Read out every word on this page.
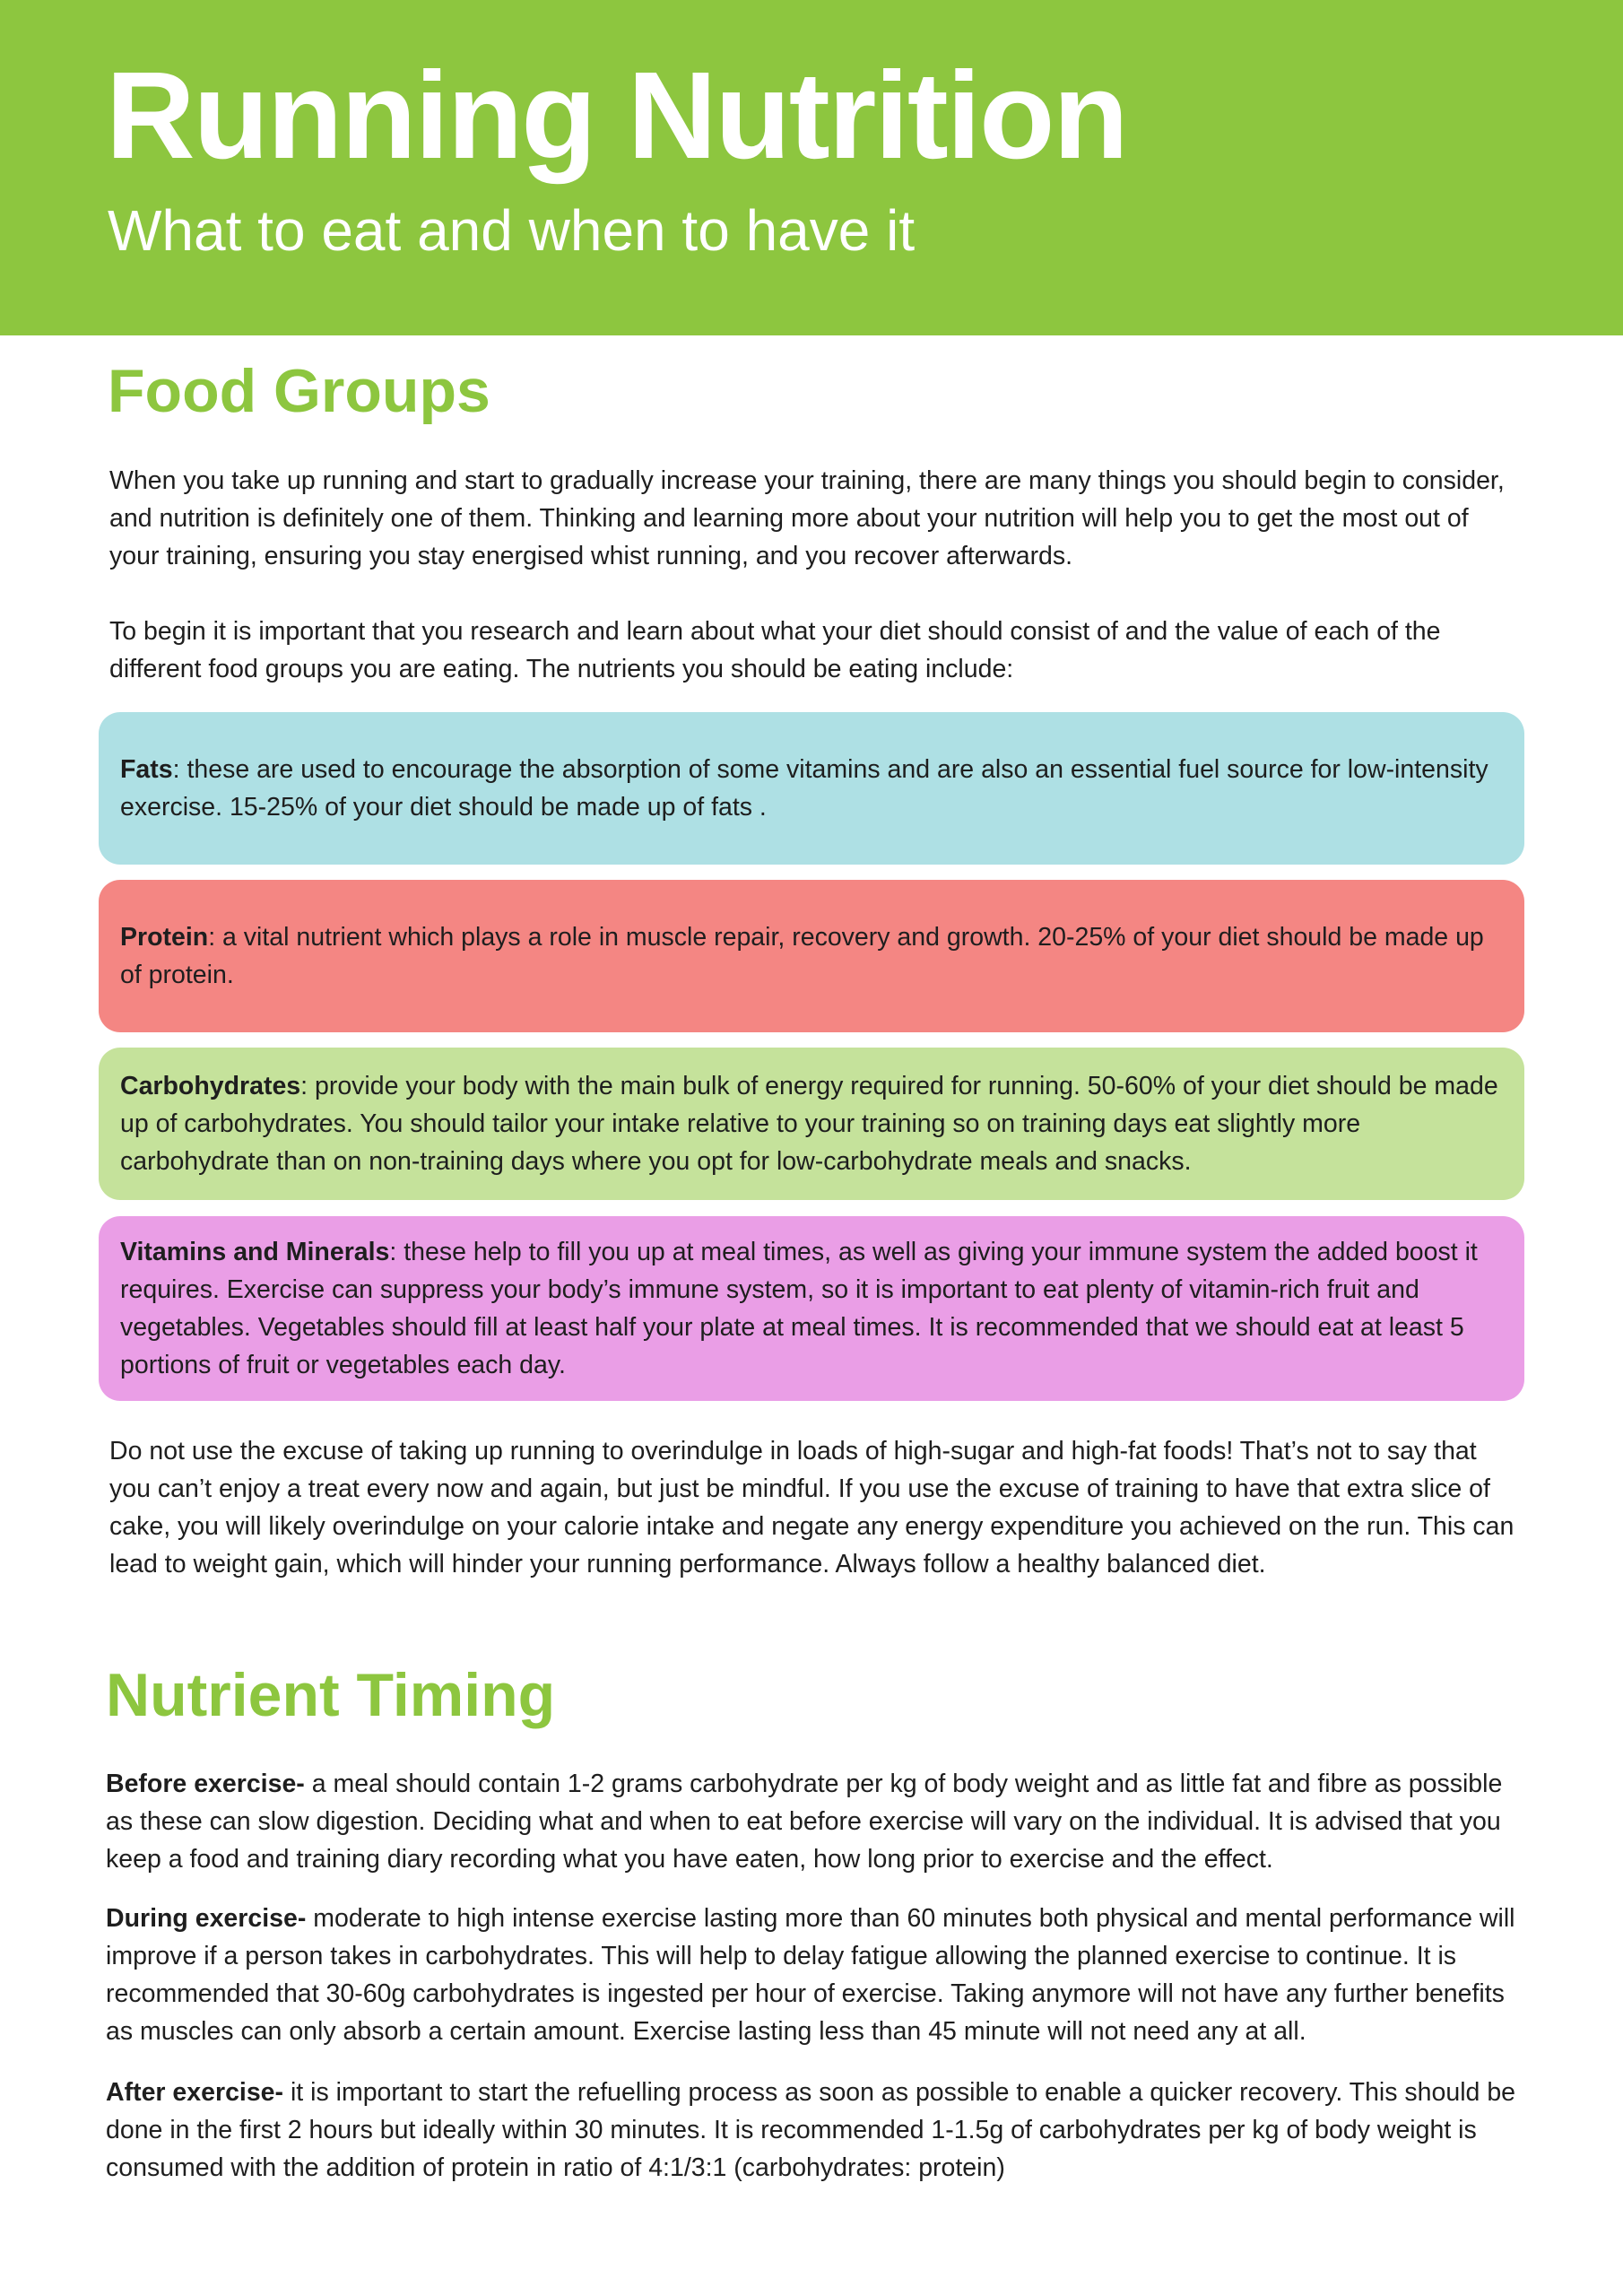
Running Nutrition

What to eat and when to have it

Food Groups

When you take up running and start to gradually increase your training, there are many things you should begin to consider, and nutrition is definitely one of them. Thinking and learning more about your nutrition will help you to get the most out of your training, ensuring you stay energised whist running, and you recover afterwards.

To begin it is important that you research and learn about what your diet should consist of and the value of each of the different food groups you are eating. The nutrients you should be eating include:

Fats: these are used to encourage the absorption of some vitamins and are also an essential fuel source for low-intensity exercise. 15-25% of your diet should be made up of fats .

Protein: a vital nutrient which plays a role in muscle repair, recovery and growth. 20-25% of your diet should be made up of protein.

Carbohydrates: provide your body with the main bulk of energy required for running. 50-60% of your diet should be made up of carbohydrates. You should tailor your intake relative to your training so on training days eat slightly more carbohydrate than on non-training days where you opt for low-carbohydrate meals and snacks.

Vitamins and Minerals: these help to fill you up at meal times, as well as giving your immune system the added boost it requires. Exercise can suppress your body’s immune system, so it is important to eat plenty of vitamin-rich fruit and vegetables. Vegetables should fill at least half your plate at meal times. It is recommended that we should eat at least 5 portions of fruit or vegetables each day.

Do not use the excuse of taking up running to overindulge in loads of high-sugar and high-fat foods! That’s not to say that you can’t enjoy a treat every now and again, but just be mindful. If you use the excuse of training to have that extra slice of cake, you will likely overindulge on your calorie intake and negate any energy expenditure you achieved on the run. This can lead to weight gain, which will hinder your running performance. Always follow a healthy balanced diet.

Nutrient Timing

Before exercise- a meal should contain 1-2 grams carbohydrate per kg of body weight and as little fat and fibre as possible as these can slow digestion. Deciding what and when to eat before exercise will vary on the individual. It is advised that you keep a food and training diary recording what you have eaten, how long prior to exercise and the effect.

During exercise- moderate to high intense exercise lasting more than 60 minutes both physical and mental performance will improve if a person takes in carbohydrates. This will help to delay fatigue allowing the planned exercise to continue. It is recommended that 30-60g carbohydrates is ingested per hour of exercise. Taking anymore will not have any further benefits as muscles can only absorb a certain amount. Exercise lasting less than 45 minute will not need any at all.

After exercise- it is important to start the refuelling process as soon as possible to enable a quicker recovery. This should be done in the first 2 hours but ideally within 30 minutes. It is recommended 1-1.5g of carbohydrates per kg of body weight is consumed with the addition of protein in ratio of 4:1/3:1 (carbohydrates: protein)
